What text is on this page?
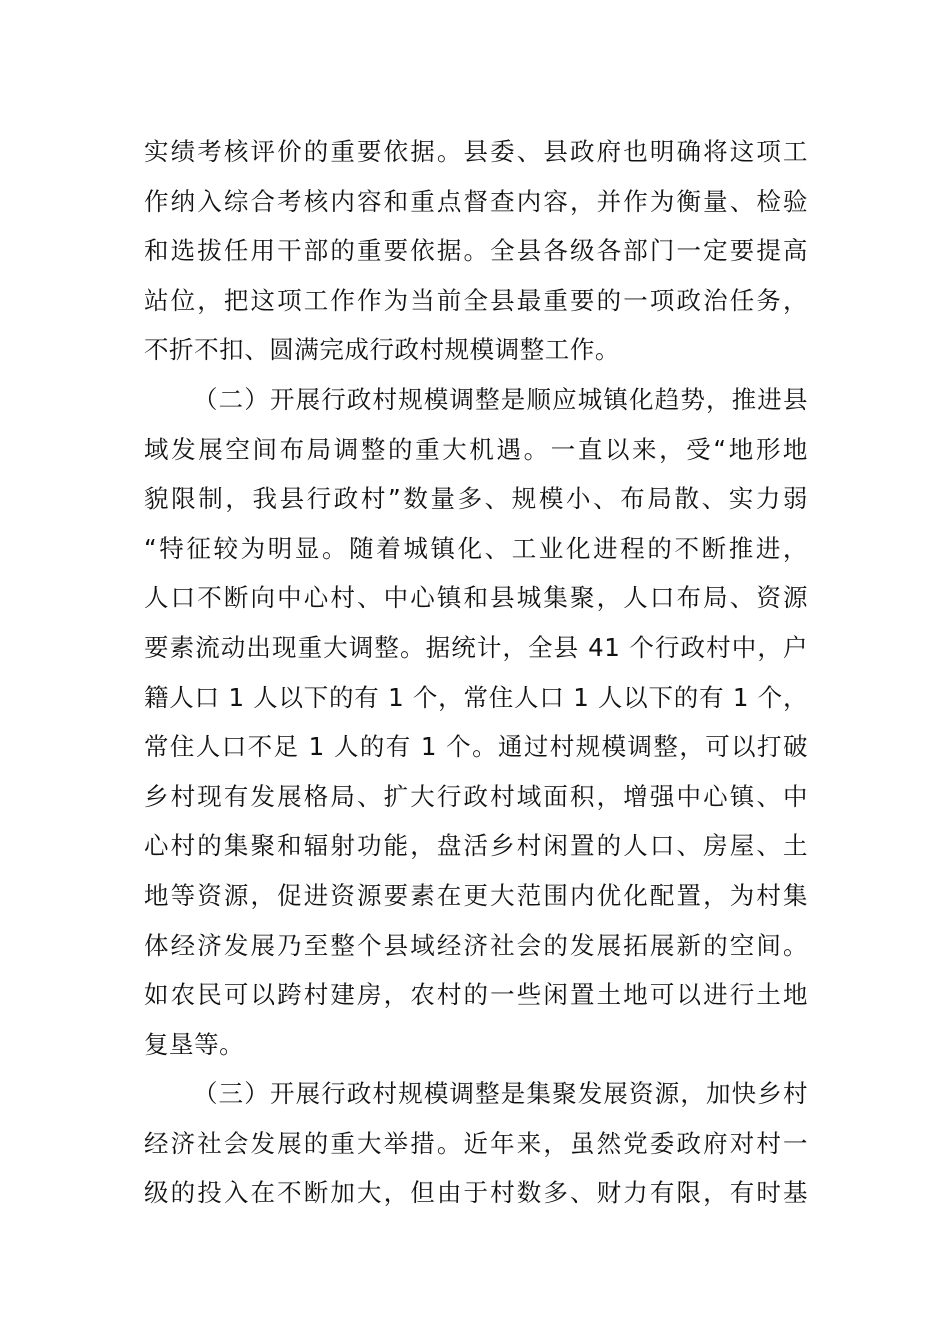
实绩考核评价的重要依据。县委、县政府也明确将这项工
作纳入综合考核内容和重点督查内容，并作为衡量、检验
和选拔任用干部的重要依据。全县各级各部门一定要提高
站位，把这项工作作为当前全县最重要的一项政治任务，
不折不扣、圆满完成行政村规模调整工作。
（二）开展行政村规模调整是顺应城镇化趋势，推进县
域发展空间布局调整的重大机遇。一直以来，受“地形地
貌限制，我县行政村”数量多、规模小、布局散、实力弱
“特征较为明显。随着城镇化、工业化进程的不断推进，
人口不断向中心村、中心镇和县城集聚，人口布局、资源
要素流动出现重大调整。据统计，全县 41 个行政村中，户
籍人口 1 人以下的有 1 个，常住人口 1 人以下的有 1 个，
常住人口不足 1 人的有 1 个。通过村规模调整，可以打破
乡村现有发展格局、扩大行政村域面积，增强中心镇、中
心村的集聚和辐射功能，盘活乡村闲置的人口、房屋、土
地等资源，促进资源要素在更大范围内优化配置，为村集
体经济发展乃至整个县域经济社会的发展拓展新的空间。
如农民可以跨村建房，农村的一些闲置土地可以进行土地
复垦等。
（三）开展行政村规模调整是集聚发展资源，加快乡村
经济社会发展的重大举措。近年来，虽然党委政府对村一
级的投入在不断加大，但由于村数多、财力有限，有时基
